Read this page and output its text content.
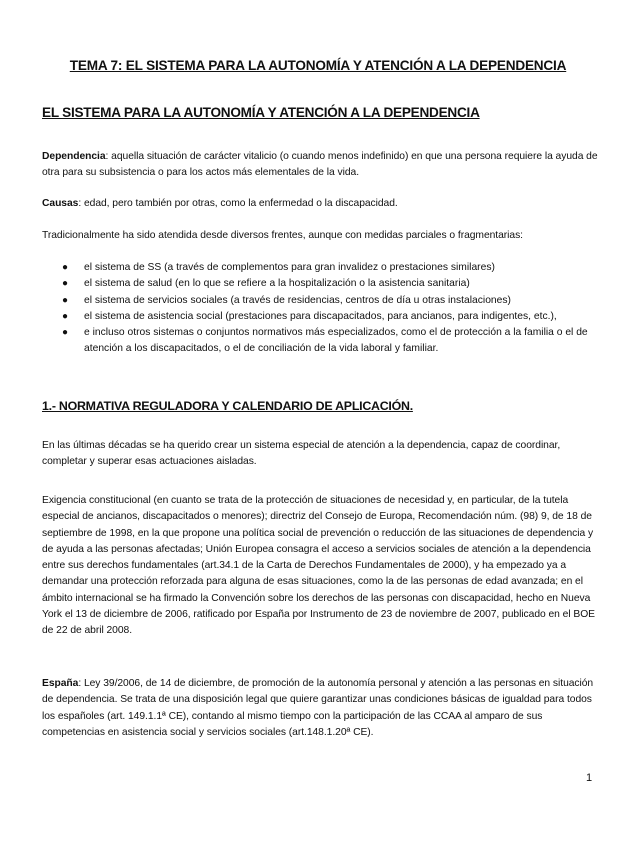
TEMA 7: EL SISTEMA PARA LA AUTONOMÍA Y ATENCIÓN A LA DEPENDENCIA
EL SISTEMA PARA LA AUTONOMÍA Y ATENCIÓN A LA DEPENDENCIA
Dependencia: aquella situación de carácter vitalicio (o cuando menos indefinido) en que una persona requiere la ayuda de otra para su subsistencia o para los actos más elementales de la vida.
Causas: edad, pero también por otras, como la enfermedad o la discapacidad.
Tradicionalmente ha sido atendida desde diversos frentes, aunque con medidas parciales o fragmentarias:
● el sistema de SS (a través de complementos para gran invalidez o prestaciones similares)
● el sistema de salud (en lo que se refiere a la hospitalización o la asistencia sanitaria)
● el sistema de servicios sociales (a través de residencias, centros de día u otras instalaciones)
● el sistema de asistencia social (prestaciones para discapacitados, para ancianos, para indigentes, etc.),
● e incluso otros sistemas o conjuntos normativos más especializados, como el de protección a la familia o el de atención a los discapacitados, o el de conciliación de la vida laboral y familiar.
1.- NORMATIVA REGULADORA Y CALENDARIO DE APLICACIÓN.
En las últimas décadas se ha querido crear un sistema especial de atención a la dependencia, capaz de coordinar, completar y superar esas actuaciones aisladas.
Exigencia constitucional (en cuanto se trata de la protección de situaciones de necesidad y, en particular, de la tutela especial de ancianos, discapacitados o menores); directriz del Consejo de Europa, Recomendación núm. (98) 9, de 18 de septiembre de 1998, en la que propone una política social de prevención o reducción de las situaciones de dependencia y de ayuda a las personas afectadas; Unión Europea consagra el acceso a servicios sociales de atención a la dependencia entre sus derechos fundamentales (art.34.1 de la Carta de Derechos Fundamentales de 2000), y ha empezado ya a demandar una protección reforzada para alguna de esas situaciones, como la de las personas de edad avanzada; en el ámbito internacional se ha firmado la Convención sobre los derechos de las personas con discapacidad, hecho en Nueva York el 13 de diciembre de 2006, ratificado por España por Instrumento de 23 de noviembre de 2007, publicado en el BOE de 22 de abril 2008.
España: Ley 39/2006, de 14 de diciembre, de promoción de la autonomía personal y atención a las personas en situación de dependencia. Se trata de una disposición legal que quiere garantizar unas condiciones básicas de igualdad para todos los españoles (art. 149.1.1ª CE), contando al mismo tiempo con la participación de las CCAA al amparo de sus competencias en asistencia social y servicios sociales (art.148.1.20ª CE).
1
